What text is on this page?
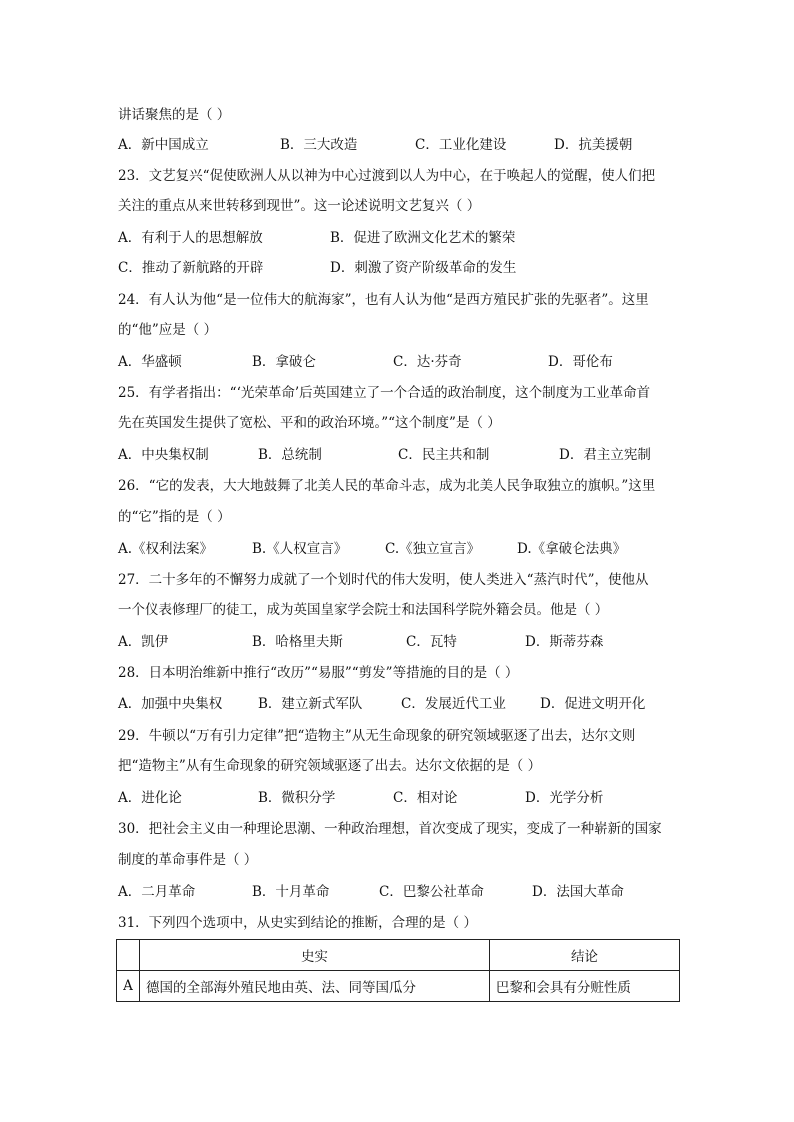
讲话聚焦的是（ ）
A．新中国成立	B．三大改造	C．工业化建设	D．抗美援朝
23．文艺复兴“促使欧洲人从以神为中心过渡到以人为中心，在于唤起人的觉醒，使人们把
关注的重点从来世转移到现世”。这一论述说明文艺复兴（ ）
A．有利于人的思想解放	B．促进了欧洲文化艺术的繁荣
C．推动了新航路的开辟	D．刺激了资产阶级革命的发生
24．有人认为他“是一位伟大的航海家”，也有人认为他“是西方殖民扩张的先驱者”。这里
的“他”应是（ ）
A．华盛顿	B．拿破仑	C．达·芬奇	D．哥伦布
25．有学者指出：“‘光荣革命’后英国建立了一个合适的政治制度，这个制度为工业革命首
先在英国发生提供了宽松、平和的政治环境。”“这个制度”是（ ）
A．中央集权制	B．总统制	C．民主共和制	D．君主立宪制
26．“它的发表，大大地鼓舞了北美人民的革命斗志，成为北美人民争取独立的旗帜。”这里
的“它”指的是（ ）
A.《权利法案》	B.《人权宣言》	C.《独立宣言》	D.《拿破仑法典》
27．二十多年的不懈努力成就了一个划时代的伟大发明，使人类进入“蒸汽时代”，使他从
一个仪表修理厂的徒工，成为英国皇家学会院士和法国科学院外籍会员。他是（ ）
A．凯伊	B．哈格里夫斯	C．瓦特	D．斯蒂芬森
28．日本明治维新中推行“改历”“易服”“剪发”等措施的目的是（ ）
A．加强中央集权	B．建立新式军队	C．发展近代工业	D．促进文明开化
29．牛顿以“万有引力定律”把“造物主”从无生命现象的研究领域驱逐了出去，达尔文则
把“造物主”从有生命现象的研究领域驱逐了出去。达尔文依据的是（ ）
A．进化论	B．微积分学	C．相对论	D．光学分析
30．把社会主义由一种理论思潮、一种政治理想，首次变成了现实，变成了一种崭新的国家
制度的革命事件是（ ）
A．二月革命	B．十月革命	C．巴黎公社革命	D．法国大革命
31．下列四个选项中，从史实到结论的推断，合理的是（ ）
	史实	结论
A	德国的全部海外殖民地由英、法、同等国瓜分	巴黎和会具有分赃性质
